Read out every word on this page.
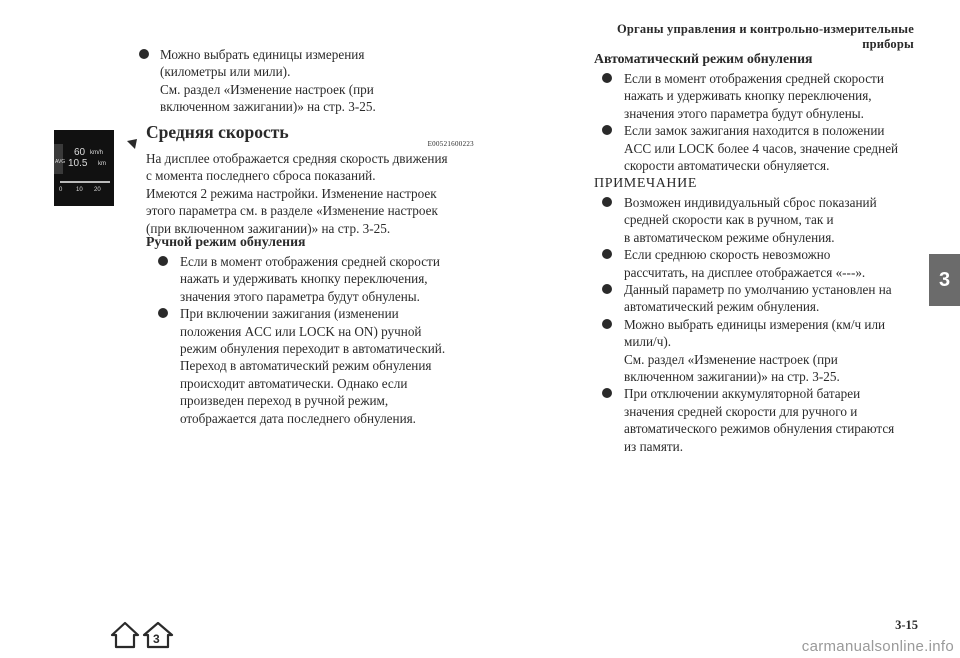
Органы управления и контрольно-измерительные приборы
Можно выбрать единицы измерения
(километры или мили).
См. раздел «Изменение настроек (при
включенном зажигании)» на стр. 3-25.
60 km/h
AVG 10.5 km
0 10 20
Средняя скорость
E00521600223
На дисплее отображается средняя скорость движения
с момента последнего сброса показаний.
Имеются 2 режима настройки. Изменение настроек
этого параметра см. в разделе «Изменение настроек
(при включенном зажигании)» на стр. 3-25.
Ручной режим обнуления
Если в момент отображения средней скорости
нажать и удерживать кнопку переключения,
значения этого параметра будут обнулены.
При включении зажигания (изменении
положения ACC или LOCK на ON) ручной
режим обнуления переходит в автоматический.
Переход в автоматический режим обнуления
происходит автоматически. Однако если
произведен переход в ручной режим,
отображается дата последнего обнуления.
Автоматический режим обнуления
Если в момент отображения средней скорости
нажать и удерживать кнопку переключения,
значения этого параметра будут обнулены.
Если замок зажигания находится в положении
ACC или LOCK более 4 часов, значение средней
скорости автоматически обнуляется.
ПРИМЕЧАНИЕ
Возможен индивидуальный сброс показаний
средней скорости как в ручном, так и
в автоматическом режиме обнуления.
Если среднюю скорость невозможно
рассчитать, на дисплее отображается «---».
Данный параметр по умолчанию установлен на
автоматический режим обнуления.
Можно выбрать единицы измерения (км/ч или
мили/ч).
См. раздел «Изменение настроек (при
включенном зажигании)» на стр. 3-25.
При отключении аккумуляторной батареи
значения средней скорости для ручного и
автоматического режимов обнуления стираются
из памяти.
3
3-15
3	carmanualsonline.info
